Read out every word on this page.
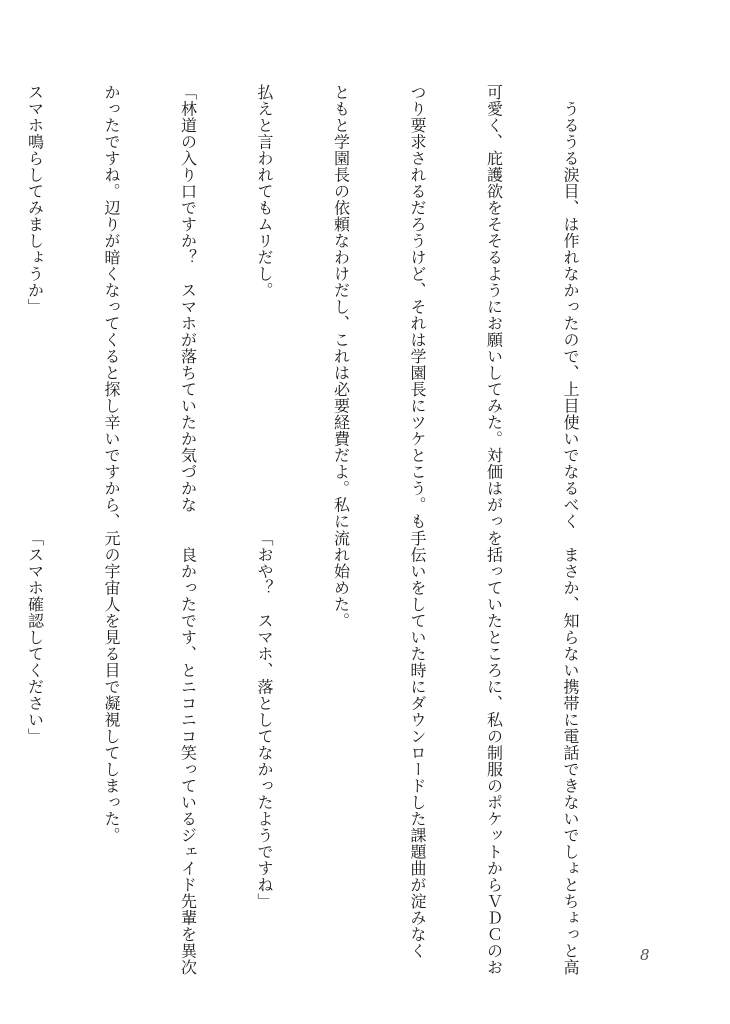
　うるうる涙目、は作れなかったので、上目使いでなるべく

可愛く、庇護欲をそそるようにお願いしてみた。対価はがっ

つり要求されるだろうけど、それは学園長にツケとこう。も

ともと学園長の依頼なわけだし、これは必要経費だよ。私に

払えと言われてもムリだし。

「林道の入り口ですか？　スマホが落ちていたか気づかな

かったですね。辺りが暗くなってくると探し辛いですから、

スマホ鳴らしてみましょうか」

　まさか、知らない携帯に電話できないでしょとちょっと高

を括っていたところに、私の制服のポケットからＶＤＣのお

手伝いをしていた時にダウンロードした課題曲が淀みなく

流れ始めた。

「おや？　スマホ、落としてなかったようですね」

　良かったです、とニコニコ笑っているジェイド先輩を異次

元の宇宙人を見る目で凝視してしまった。

「スマホ確認してください」

8
